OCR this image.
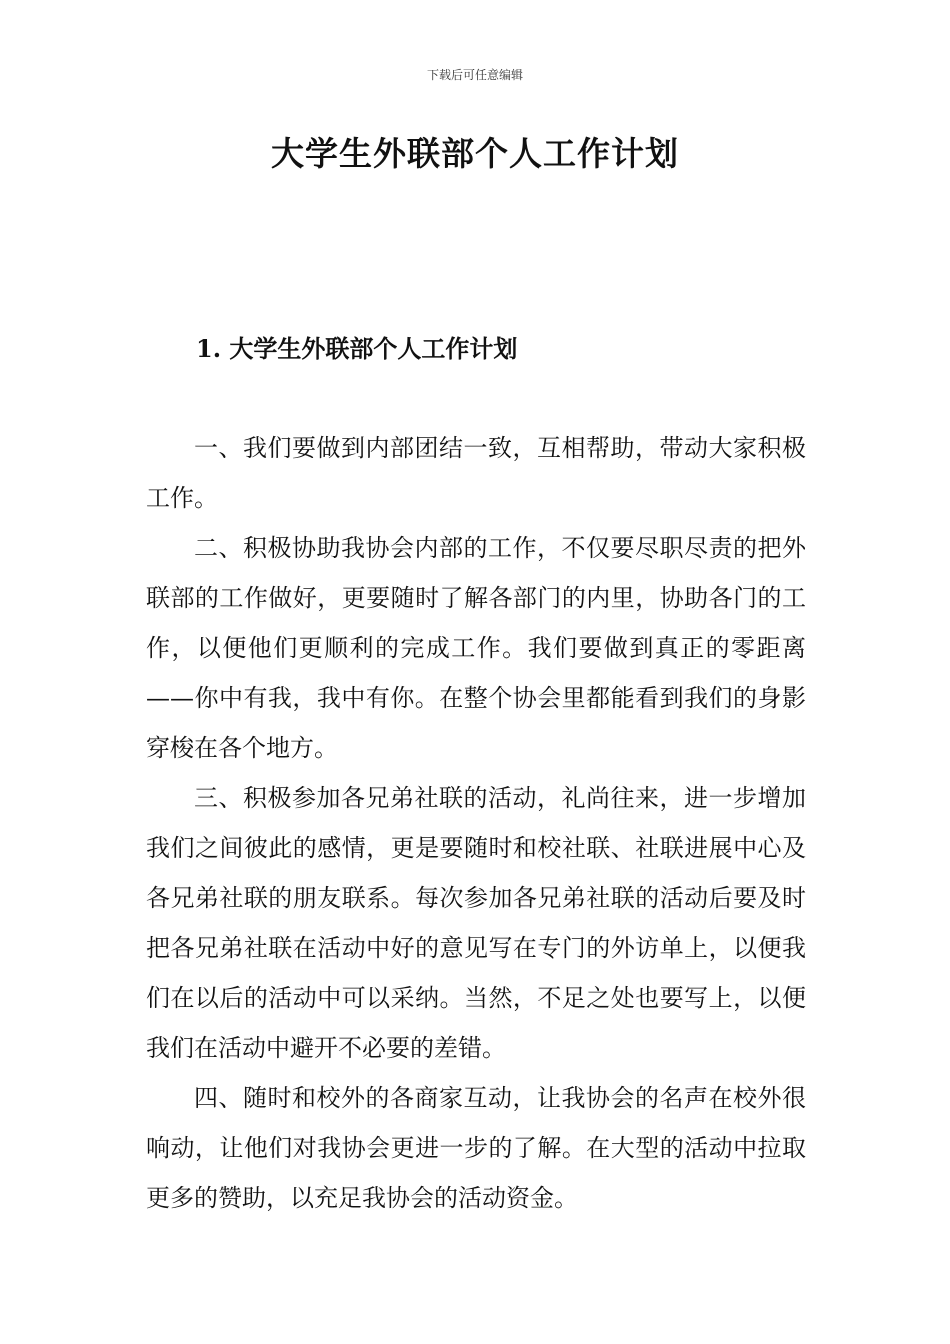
下载后可任意编辑
大学生外联部个人工作计划
1. 大学生外联部个人工作计划

一、我们要做到内部团结一致，互相帮助，带动大家积极工作。

二、积极协助我协会内部的工作，不仅要尽职尽责的把外联部的工作做好，更要随时了解各部门的内里，协助各门的工作，以便他们更顺利的完成工作。我们要做到真正的零距离——你中有我，我中有你。在整个协会里都能看到我们的身影穿梭在各个地方。

三、积极参加各兄弟社联的活动，礼尚往来，进一步增加我们之间彼此的感情，更是要随时和校社联、社联进展中心及各兄弟社联的朋友联系。每次参加各兄弟社联的活动后要及时把各兄弟社联在活动中好的意见写在专门的外访单上，以便我们在以后的活动中可以采纳。当然，不足之处也要写上，以便我们在活动中避开不必要的差错。

四、随时和校外的各商家互动，让我协会的名声在校外很响动，让他们对我协会更进一步的了解。在大型的活动中拉取更多的赞助，以充足我协会的活动资金。
